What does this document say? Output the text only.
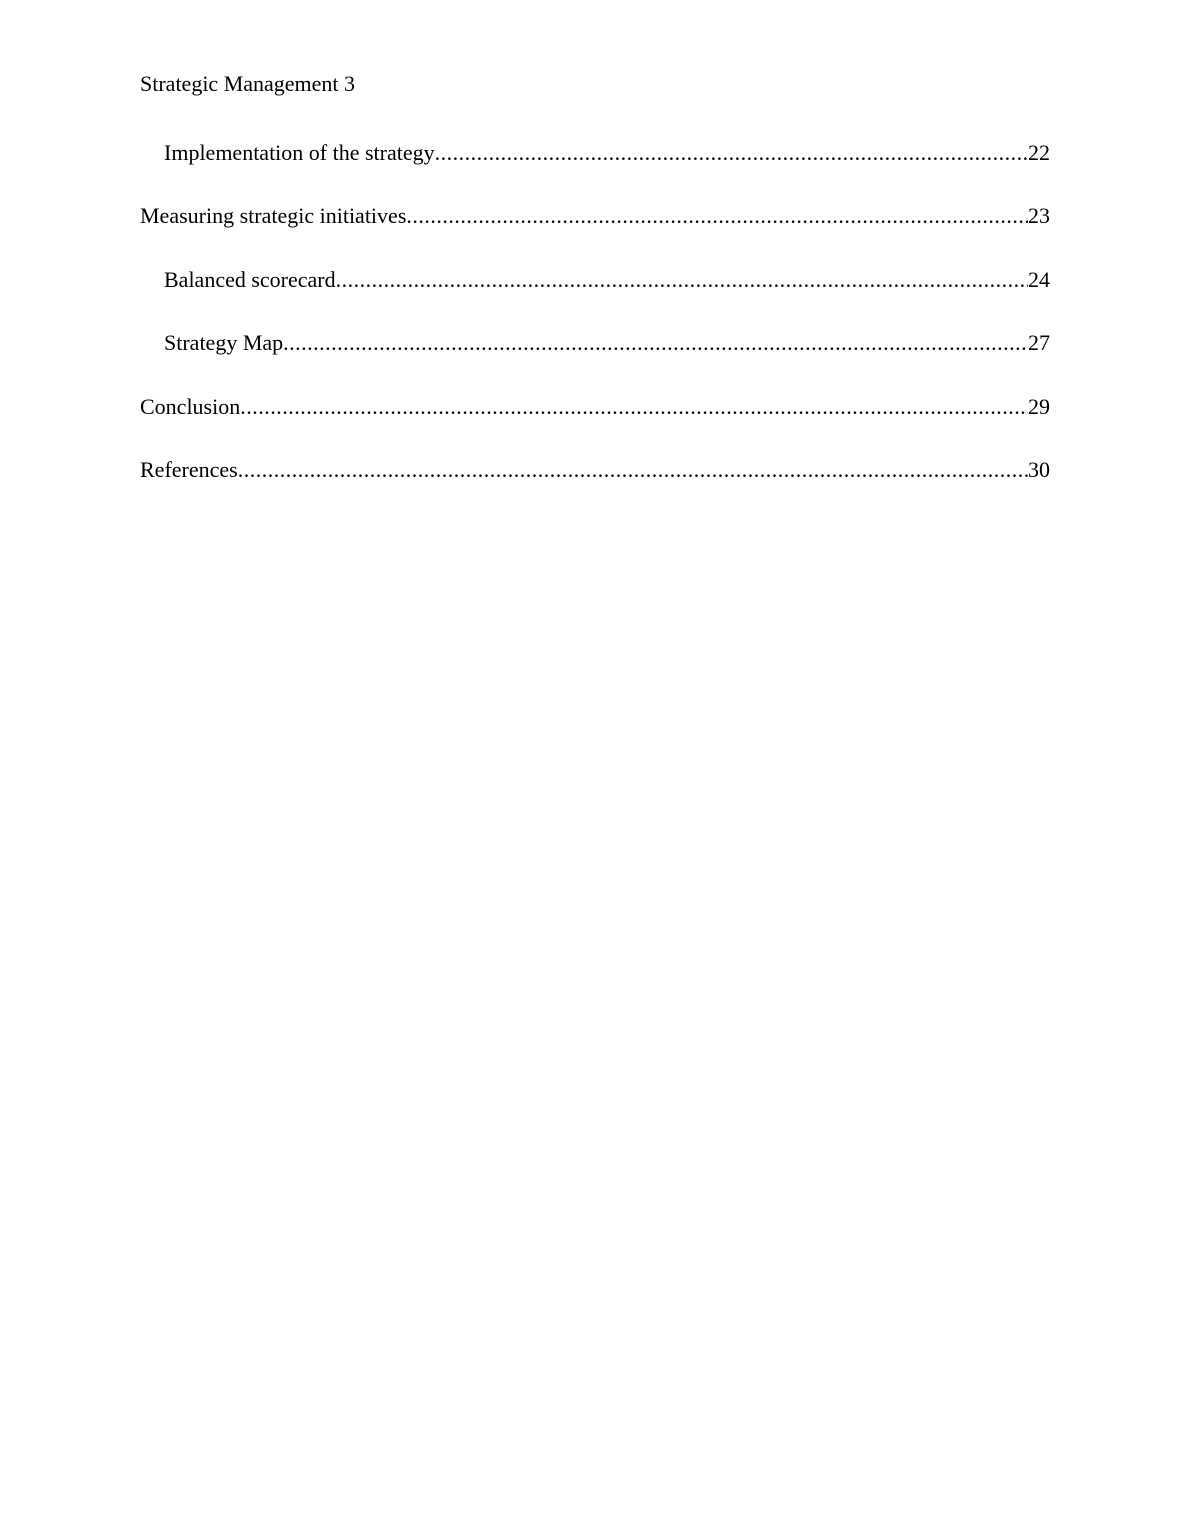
Strategic Management 3
Implementation of the strategy .....	22
Measuring strategic initiatives .....	23
Balanced scorecard .....	24
Strategy Map .....	27
Conclusion .....	29
References .....	30
